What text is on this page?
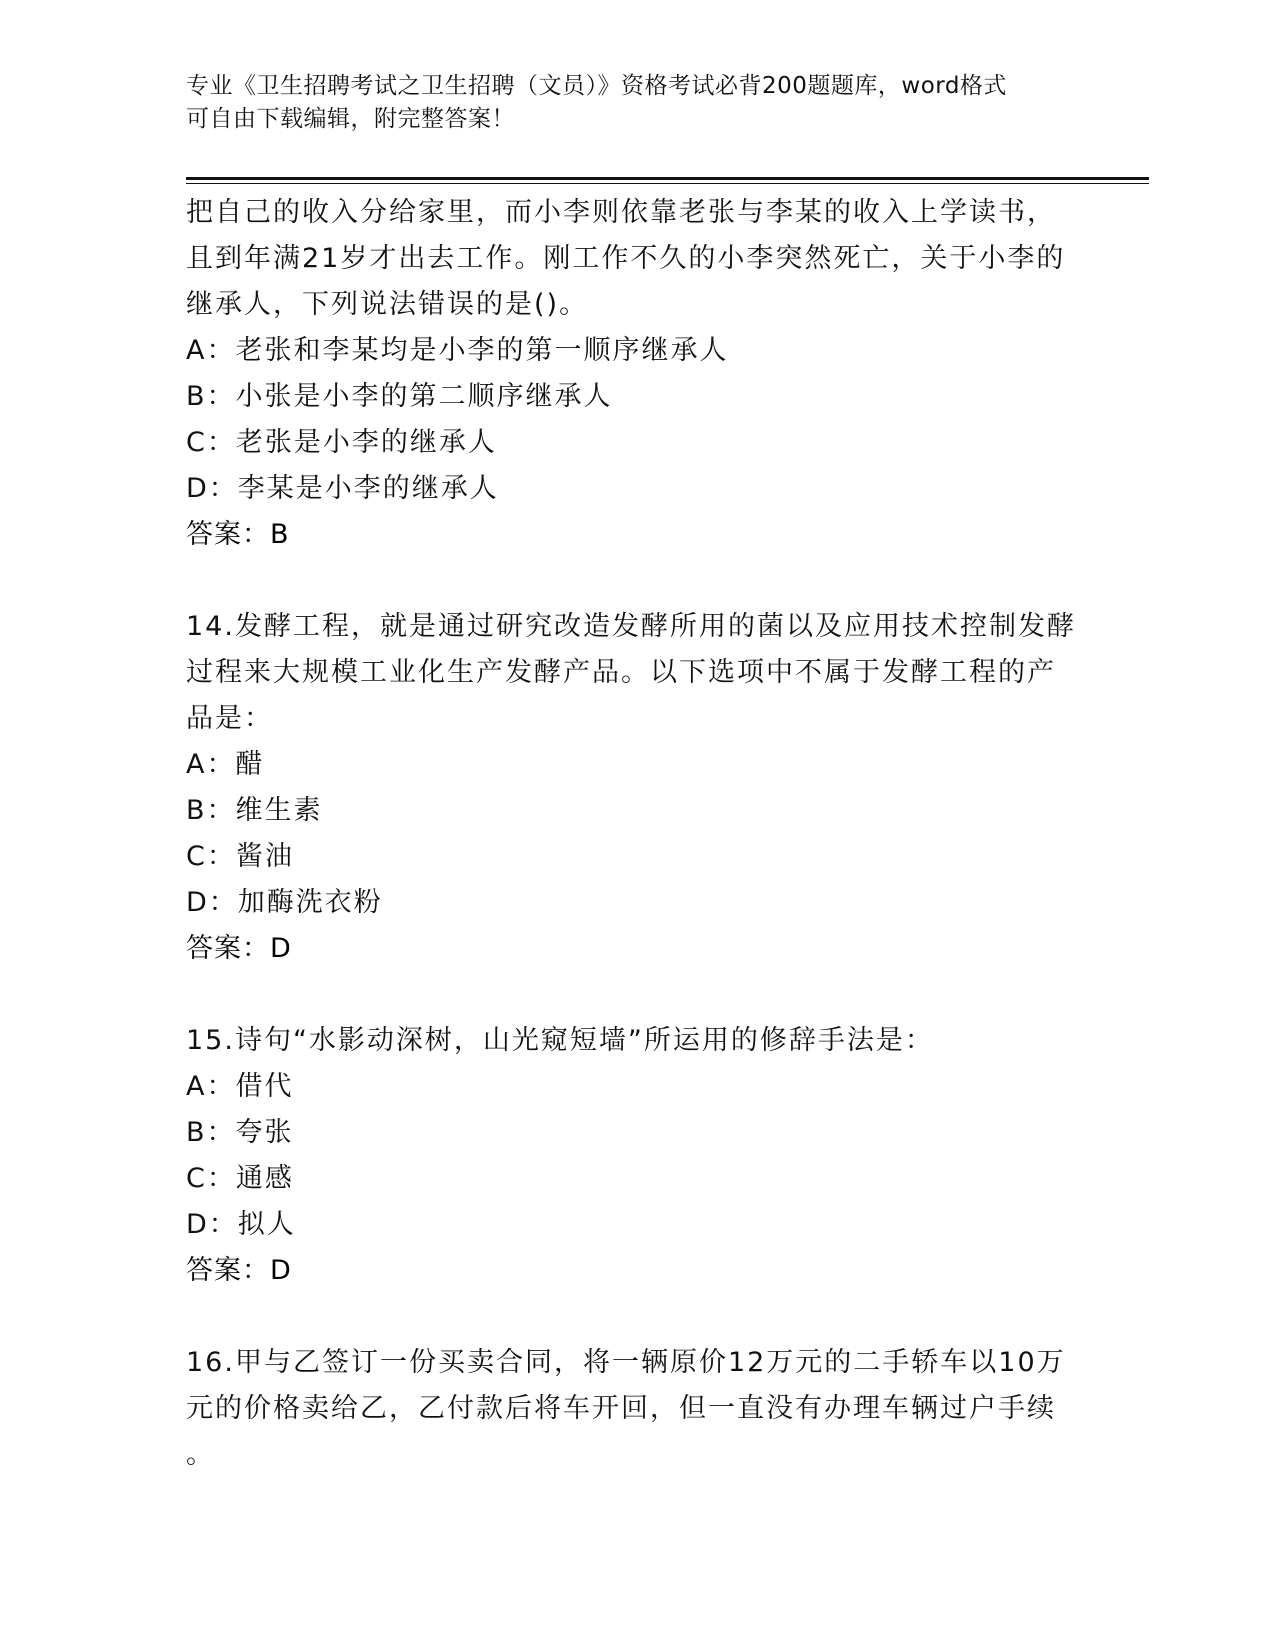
专业《卫生招聘考试之卫生招聘（文员）》资格考试必背200题题库，word格式
可自由下载编辑，附完整答案！
把自己的收入分给家里，而小李则依靠老张与李某的收入上学读书，
且到年满21岁才出去工作。刚工作不久的小李突然死亡，关于小李的
继承人，下列说法错误的是()。
A：老张和李某均是小李的第一顺序继承人
B：小张是小李的第二顺序继承人
C：老张是小李的继承人
D：李某是小李的继承人
答案：B
14.发酵工程，就是通过研究改造发酵所用的菌以及应用技术控制发酵
过程来大规模工业化生产发酵产品。以下选项中不属于发酵工程的产
品是：
A：醋
B：维生素
C：酱油
D：加酶洗衣粉
答案：D
15.诗句“水影动深树，山光窥短墙”所运用的修辞手法是：
A：借代
B：夸张
C：通感
D：拟人
答案：D
16.甲与乙签订一份买卖合同，将一辆原价12万元的二手轿车以10万
元的价格卖给乙，乙付款后将车开回，但一直没有办理车辆过户手续
。
